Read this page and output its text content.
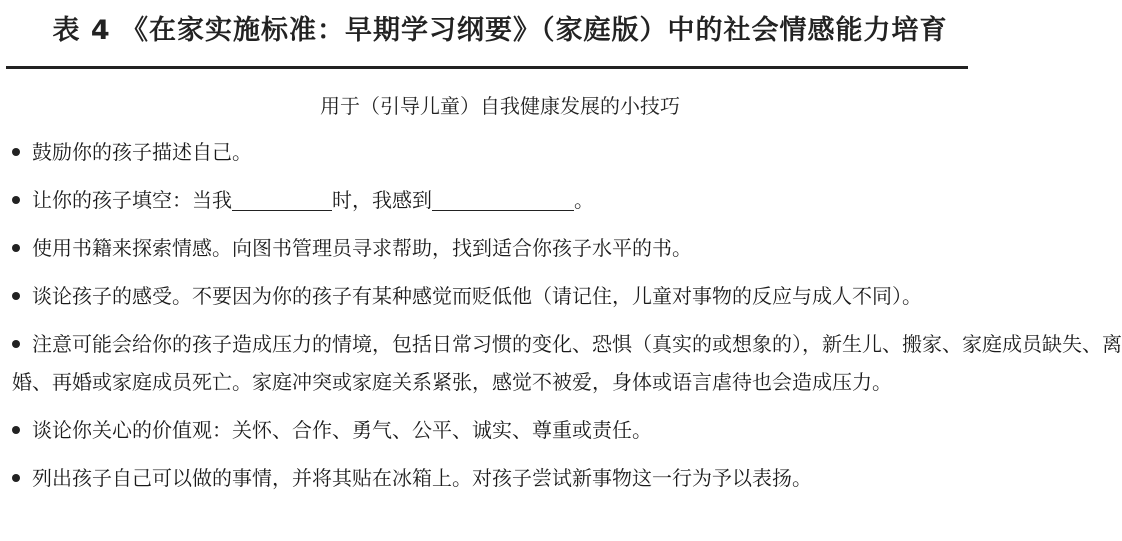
表 4 《在家实施标准：早期学习纲要》（家庭版）中的社会情感能力培育
用于（引导儿童）自我健康发展的小技巧
鼓励你的孩子描述自己。
让你的孩子填空：当我	时，我感到	。
使用书籍来探索情感。向图书管理员寻求帮助，找到适合你孩子水平的书。
谈论孩子的感受。不要因为你的孩子有某种感觉而贬低他（请记住，儿童对事物的反应与成人不同）。
注意可能会给你的孩子造成压力的情境，包括日常习惯的变化、恐惧（真实的或想象的），新生儿、搬家、家庭成员缺失、离
婚、再婚或家庭成员死亡。家庭冲突或家庭关系紧张，感觉不被爱，身体或语言虐待也会造成压力。
谈论你关心的价值观：关怀、合作、勇气、公平、诚实、尊重或责任。
列出孩子自己可以做的事情，并将其贴在冰箱上。对孩子尝试新事物这一行为予以表扬。
